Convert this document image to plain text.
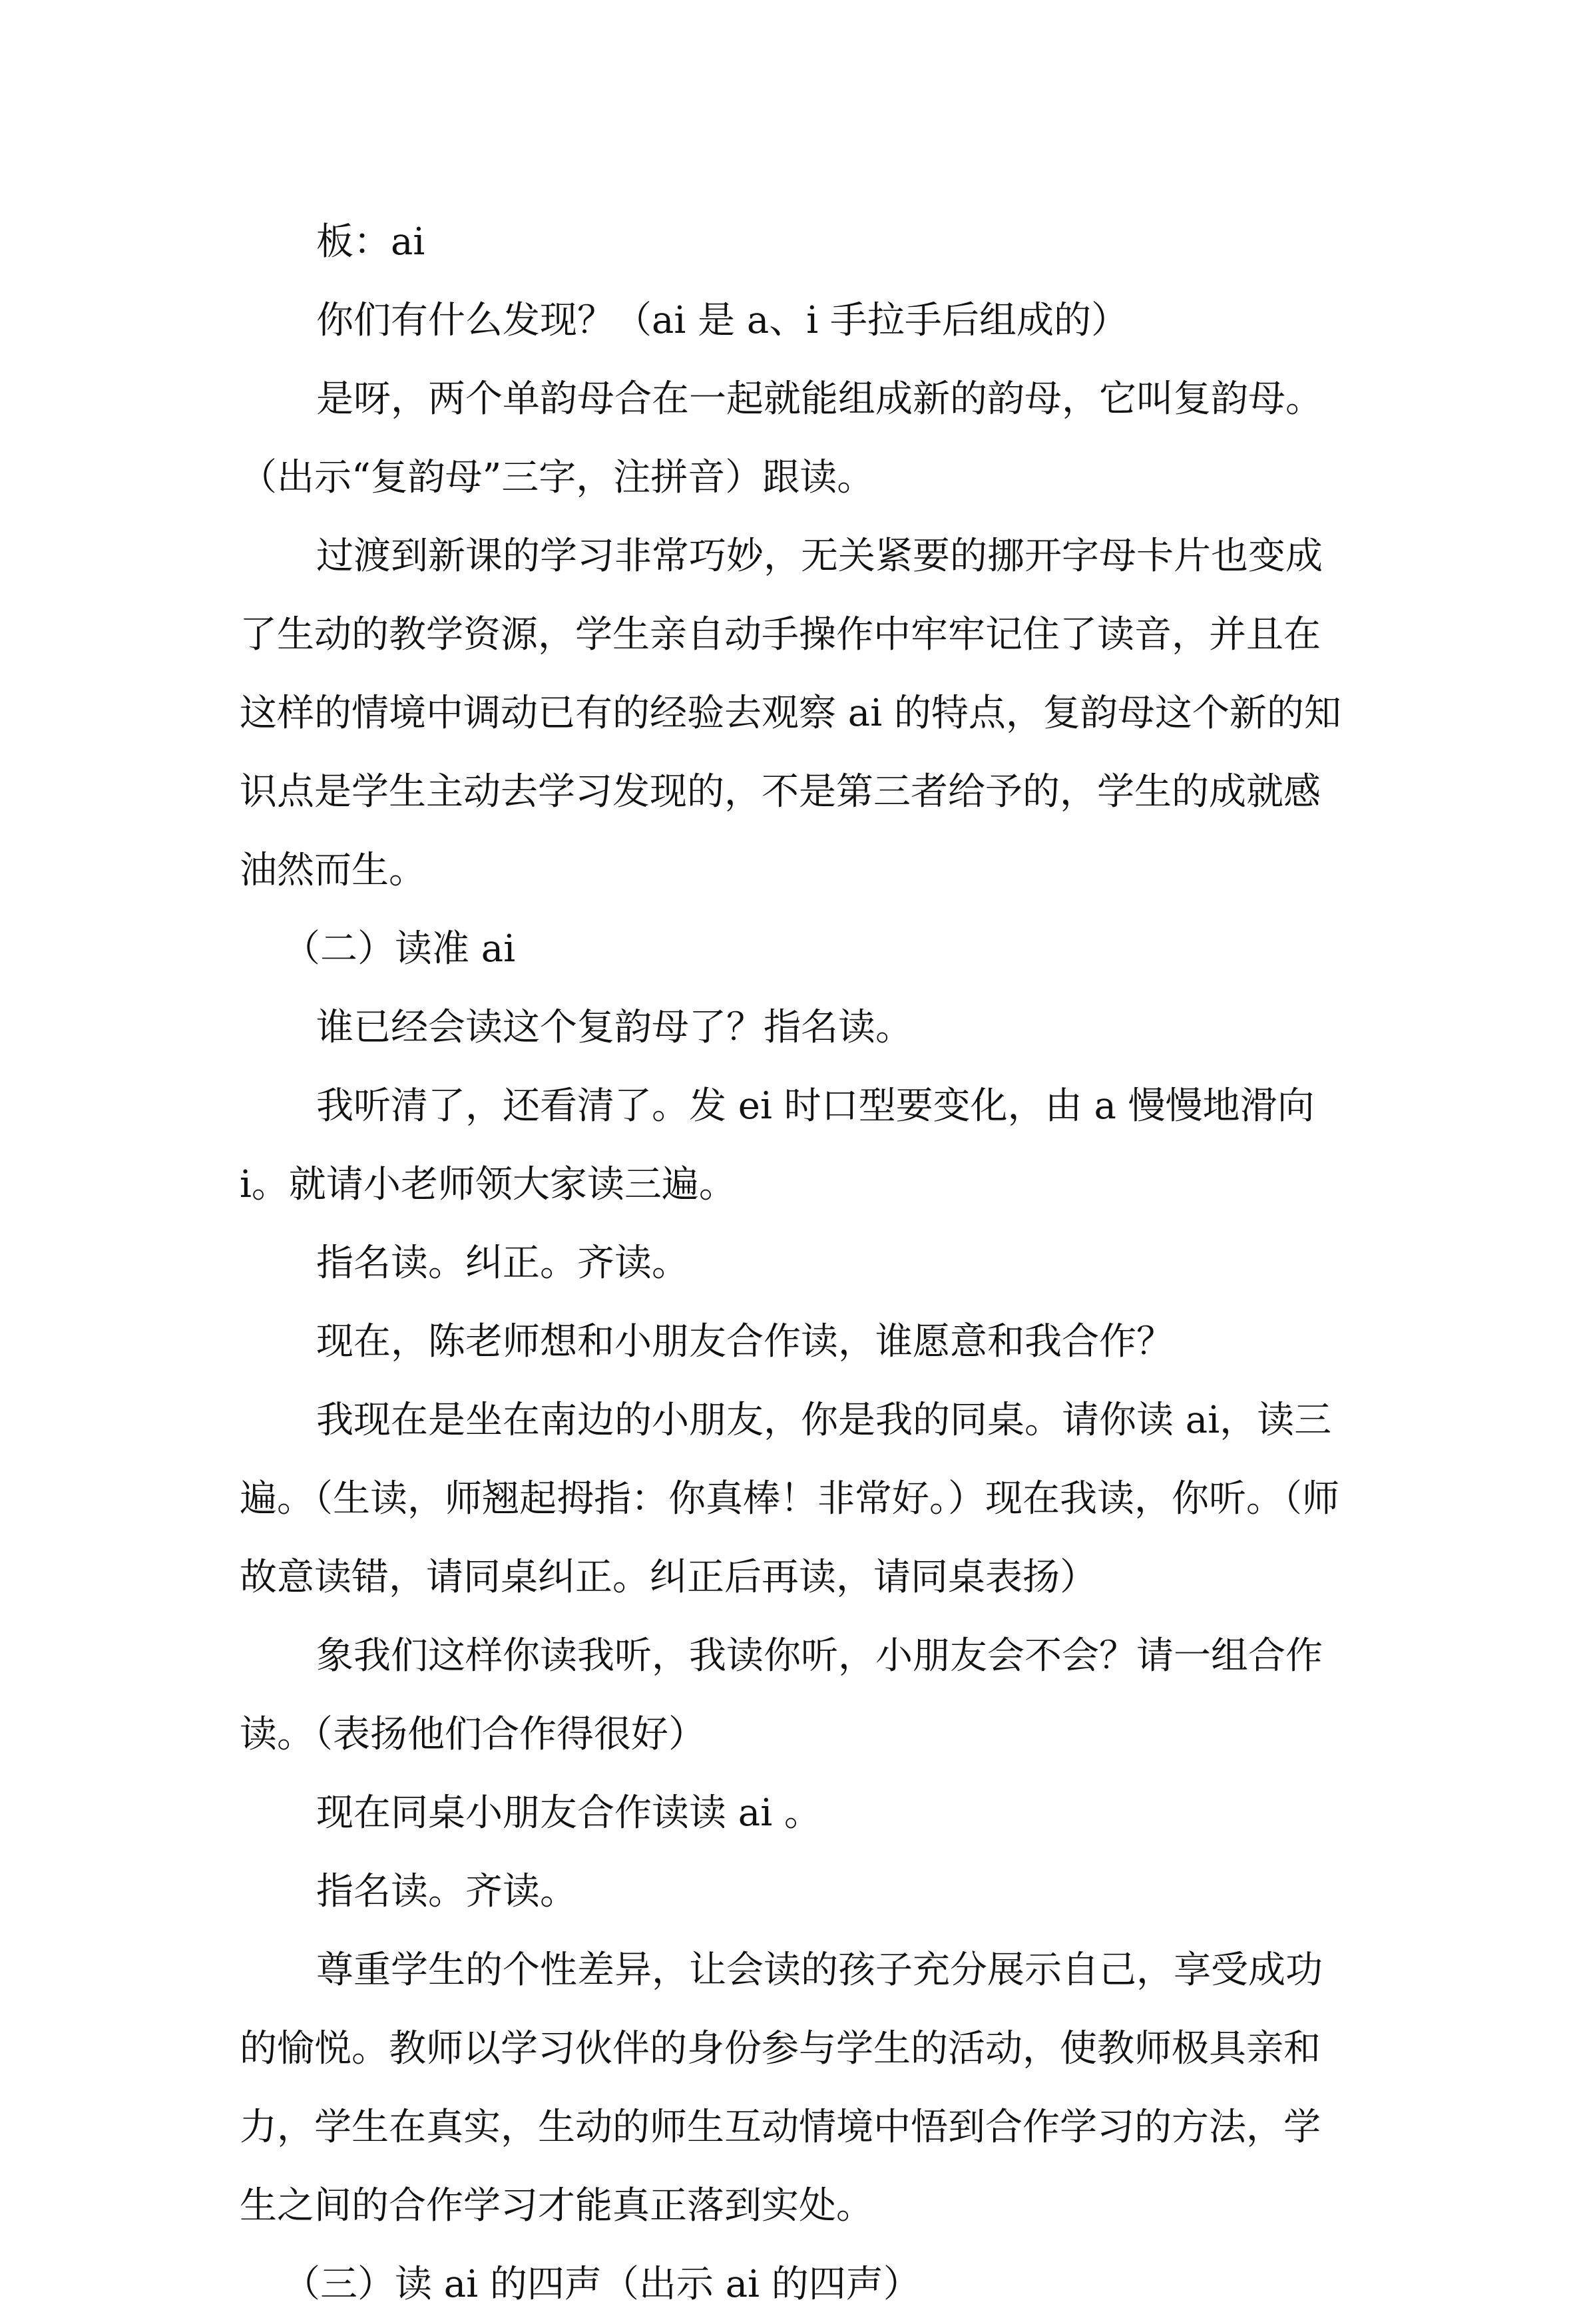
板：ai
你们有什么发现？（ai 是 a、i 手拉手后组成的）
是呀，两个单韵母合在一起就能组成新的韵母，它叫复韵母。
（出示“复韵母”三字，注拼音）跟读。
过渡到新课的学习非常巧妙，无关紧要的挪开字母卡片也变成
了生动的教学资源，学生亲自动手操作中牢牢记住了读音，并且在
这样的情境中调动已有的经验去观察 ai 的特点，复韵母这个新的知
识点是学生主动去学习发现的，不是第三者给予的，学生的成就感
油然而生。
（二）读准 ai
谁已经会读这个复韵母了？指名读。
我听清了，还看清了。发 ei 时口型要变化，由 a 慢慢地滑向
i。就请小老师领大家读三遍。
指名读。纠正。齐读。
现在，陈老师想和小朋友合作读，谁愿意和我合作？
我现在是坐在南边的小朋友，你是我的同桌。请你读 ai，读三
遍。（生读，师翘起拇指：你真棒！非常好。）现在我读，你听。（师
故意读错，请同桌纠正。纠正后再读，请同桌表扬）
象我们这样你读我听，我读你听，小朋友会不会？请一组合作
读。（表扬他们合作得很好）
现在同桌小朋友合作读读 ai 。
指名读。齐读。
尊重学生的个性差异，让会读的孩子充分展示自己，享受成功
的愉悦。教师以学习伙伴的身份参与学生的活动，使教师极具亲和
力，学生在真实，生动的师生互动情境中悟到合作学习的方法，学
生之间的合作学习才能真正落到实处。
（三）读 ai 的四声（出示 ai 的四声）
